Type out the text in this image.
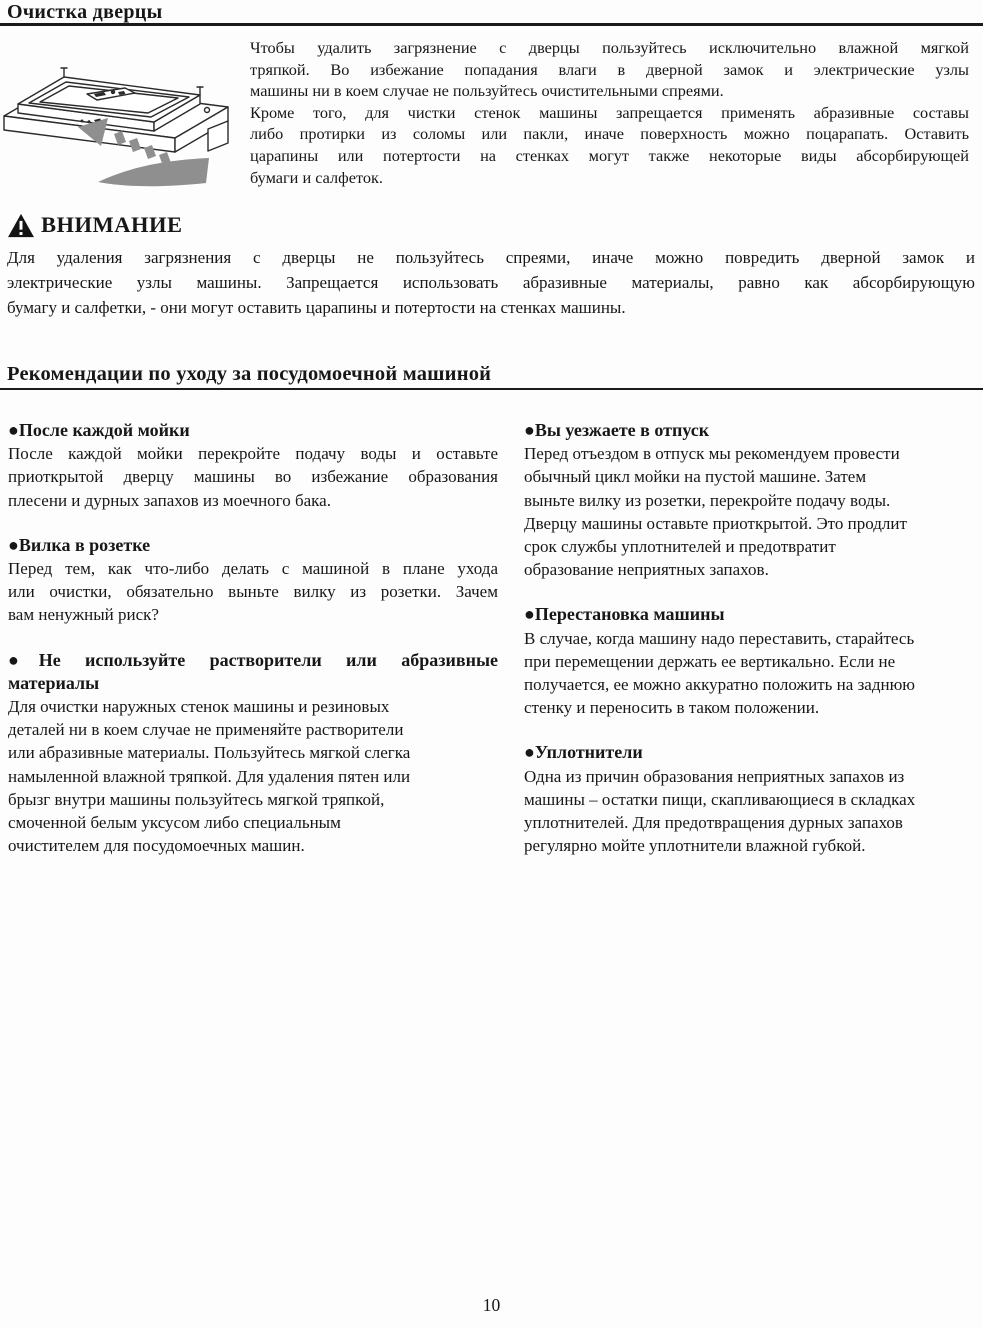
Очистка дверцы
Чтобы удалить загрязнение с дверцы пользуйтесь исключительно влажной мягкой
тряпкой. Во избежание попадания влаги в дверной замок и электрические узлы
машины ни в коем случае не пользуйтесь очистительными спреями.
Кроме того, для чистки стенок машины запрещается применять абразивные составы
либо протирки из соломы или пакли, иначе поверхность можно поцарапать. Оставить
царапины или потертости на стенках могут также некоторые виды абсорбирующей
бумаги и салфеток.
ВНИМАНИЕ
Для удаления загрязнения с дверцы не пользуйтесь спреями, иначе можно повредить дверной замок и
электрические узлы машины. Запрещается использовать абразивные материалы, равно как абсорбирующую
бумагу и салфетки, - они могут оставить царапины и потертости на стенках машины.
Рекомендации по уходу за посудомоечной машиной
●После каждой мойки
После каждой мойки перекройте подачу воды и оставьте
приоткрытой дверцу машины во избежание образования
плесени и дурных запахов из моечного бака.
●Вилка в розетке
Перед тем, как что-либо делать с машиной в плане ухода
или очистки, обязательно выньте вилку из розетки. Зачем
вам ненужный риск?
●Не используйте растворители или абразивные
материалы
Для очистки наружных стенок машины и резиновых
деталей ни в коем случае не применяйте растворители
или абразивные материалы. Пользуйтесь мягкой слегка
намыленной влажной тряпкой. Для удаления пятен или
брызг внутри машины пользуйтесь мягкой тряпкой,
смоченной белым уксусом либо специальным
очистителем для посудомоечных машин.
●Вы уезжаете в отпуск
Перед отъездом в отпуск мы рекомендуем провести
обычный цикл мойки на пустой машине. Затем
выньте вилку из розетки, перекройте подачу воды.
Дверцу машины оставьте приоткрытой. Это продлит
срок службы уплотнителей и предотвратит
образование неприятных запахов.
●Перестановка машины
В случае, когда машину надо переставить, старайтесь
при перемещении держать ее вертикально. Если не
получается, ее можно аккуратно положить на заднюю
стенку и переносить в таком положении.
●Уплотнители
Одна из причин образования неприятных запахов из
машины – остатки пищи, скапливающиеся в складках
уплотнителей. Для предотвращения дурных запахов
регулярно мойте уплотнители влажной губкой.
10
